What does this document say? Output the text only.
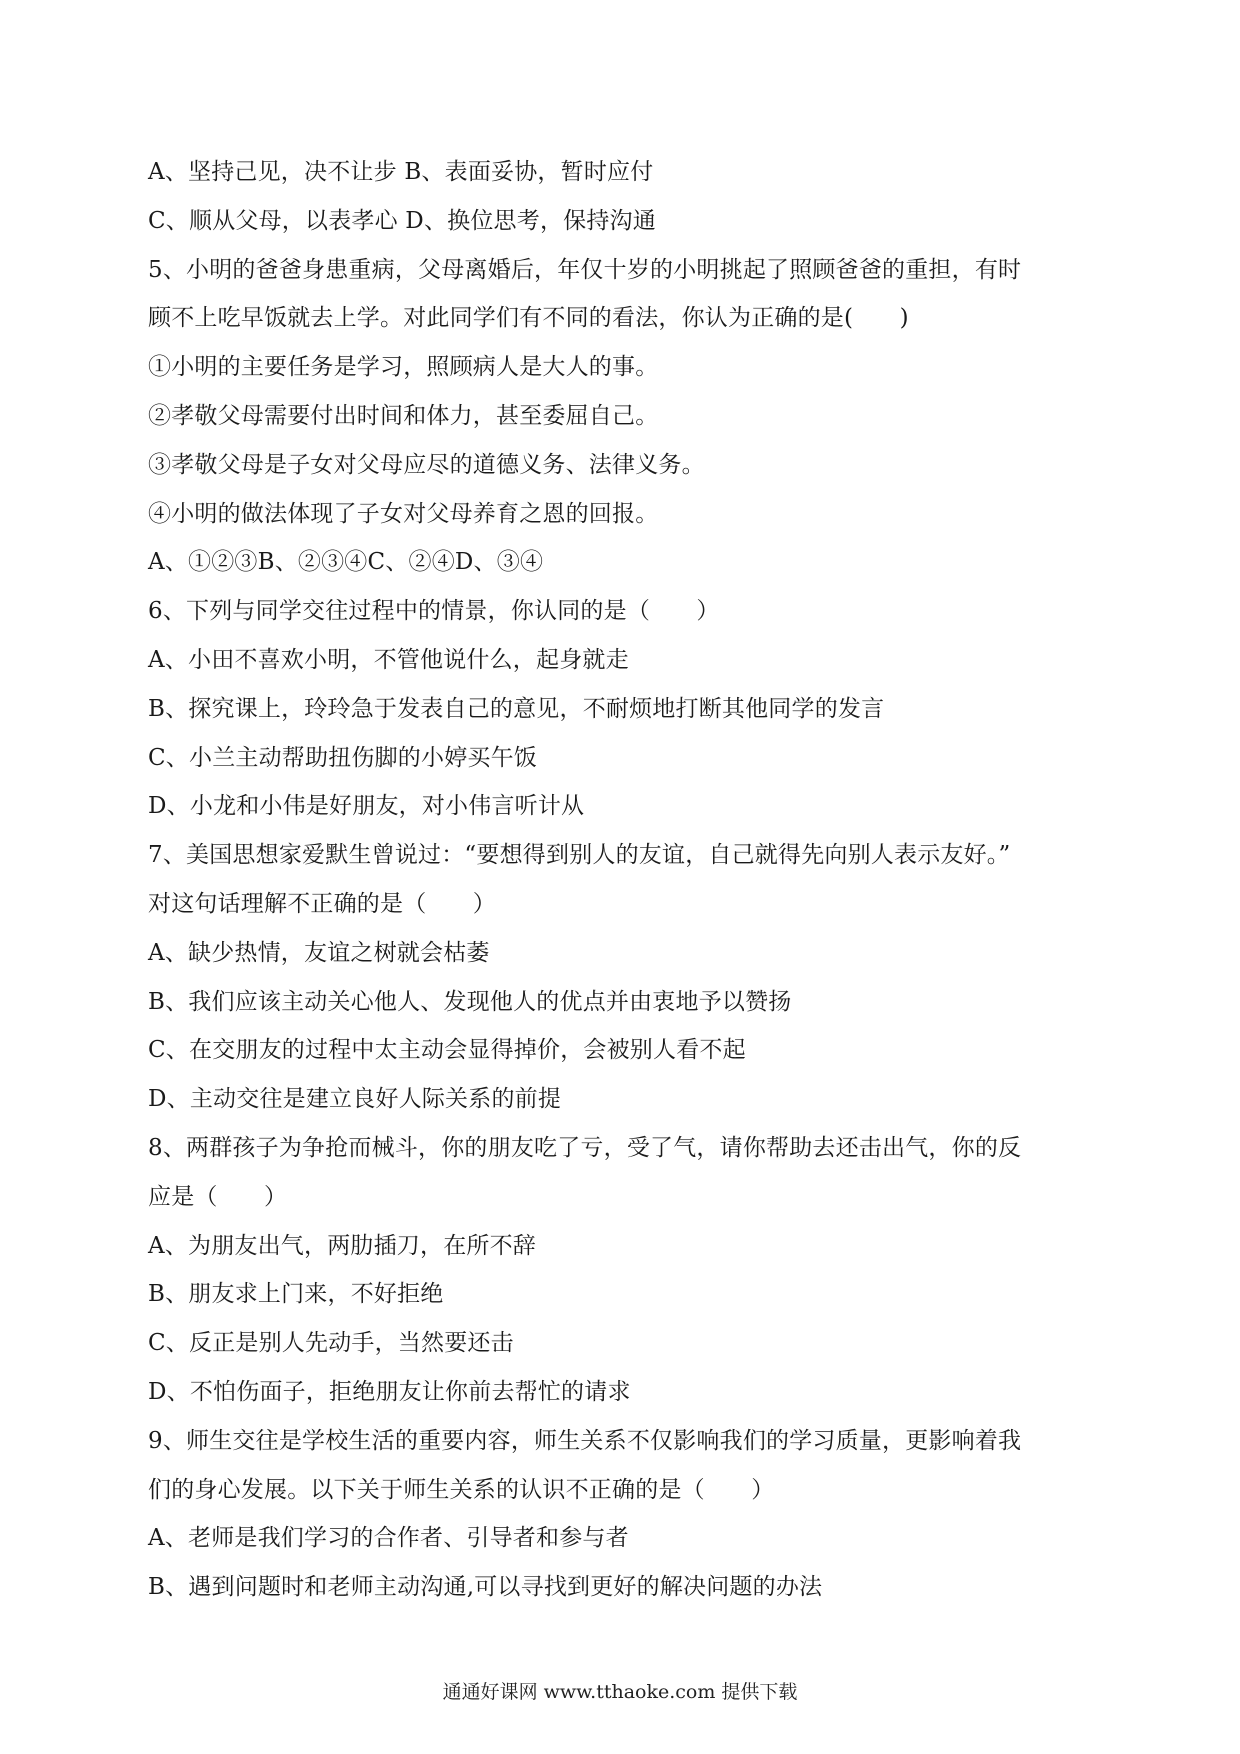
A、坚持己见，决不让步 B、表面妥协，暂时应付
C、顺从父母，以表孝心 D、换位思考，保持沟通
5、小明的爸爸身患重病，父母离婚后，年仅十岁的小明挑起了照顾爸爸的重担，有时
顾不上吃早饭就去上学。对此同学们有不同的看法，你认为正确的是(　　)
①小明的主要任务是学习，照顾病人是大人的事。
②孝敬父母需要付出时间和体力，甚至委屈自己。
③孝敬父母是子女对父母应尽的道德义务、法律义务。
④小明的做法体现了子女对父母养育之恩的回报。
A、①②③B、②③④C、②④D、③④
6、下列与同学交往过程中的情景，你认同的是（　　）
A、小田不喜欢小明，不管他说什么，起身就走
B、探究课上，玲玲急于发表自己的意见，不耐烦地打断其他同学的发言
C、小兰主动帮助扭伤脚的小婷买午饭
D、小龙和小伟是好朋友，对小伟言听计从
7、美国思想家爱默生曾说过：“要想得到别人的友谊，自己就得先向别人表示友好。”
对这句话理解不正确的是（　　）
A、缺少热情，友谊之树就会枯萎
B、我们应该主动关心他人、发现他人的优点并由衷地予以赞扬
C、在交朋友的过程中太主动会显得掉价，会被别人看不起
D、主动交往是建立良好人际关系的前提
8、两群孩子为争抢而械斗，你的朋友吃了亏，受了气，请你帮助去还击出气，你的反
应是（　　）
A、为朋友出气，两肋插刀，在所不辞
B、朋友求上门来，不好拒绝
C、反正是别人先动手，当然要还击
D、不怕伤面子，拒绝朋友让你前去帮忙的请求
9、师生交往是学校生活的重要内容，师生关系不仅影响我们的学习质量，更影响着我
们的身心发展。以下关于师生关系的认识不正确的是（　　）
A、老师是我们学习的合作者、引导者和参与者
B、遇到问题时和老师主动沟通,可以寻找到更好的解决问题的办法
通通好课网 www.tthaoke.com 提供下载
